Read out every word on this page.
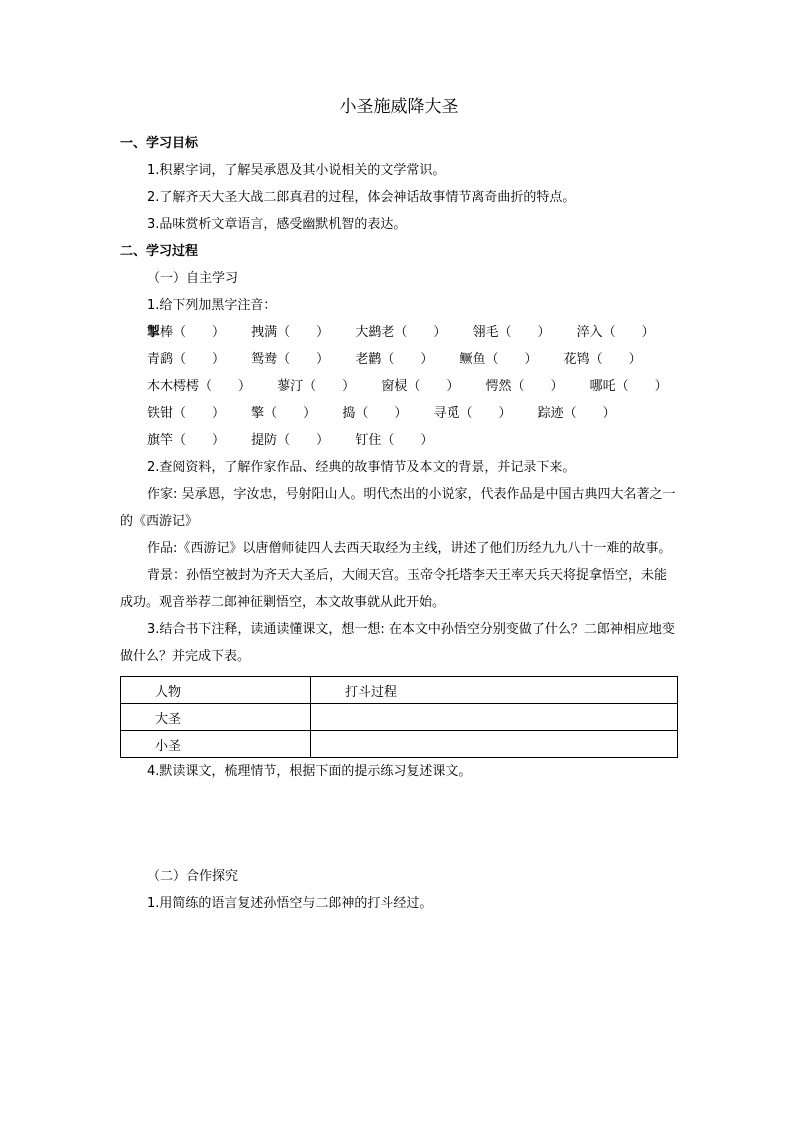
小圣施威降大圣
一、学习目标
1.积累字词，了解吴承恩及其小说相关的文学常识。
2.了解齐天大圣大战二郎真君的过程，体会神话故事情节离奇曲折的特点。
3.品味赏析文章语言，感受幽默机智的表达。
二、学习过程
（一）自主学习
1.给下列加黑字注音：
掣棒（　　） 拽满（　　） 大鹚老（　　） 翎毛（　　） 淬入（　　）
青鹞（　　） 鸳鸯（　　） 老鹳（　　） 鳜鱼（　　） 花鸨（　　）
木木樗樗（　　） 蓼汀（　　） 窗棂（　　） 愕然（　　） 哪吒（　　）
铁钳（　　） 擎（　　） 捣（　　） 寻觅（　　） 踪迹（　　）
旗竿（　　） 提防（　　） 钉住（　　）
2.查阅资料，了解作家作品、经典的故事情节及本文的背景，并记录下来。

作家: 吴承恩，字汝忠，号射阳山人。明代杰出的小说家，代表作品是中国古典四大名著之一的《西游记》

作品:《西游记》以唐僧师徒四人去西天取经为主线，讲述了他们历经九九八十一难的故事。

背景：孙悟空被封为齐天大圣后，大闹天宫。玉帝令托塔李天王率天兵天将捉拿悟空，未能成功。观音举荐二郎神征剿悟空，本文故事就从此开始。

3.结合书下注释，读通读懂课文，想一想: 在本文中孙悟空分别变做了什么？二郎神相应地变做什么？并完成下表。

人物	打斗过程
大圣	
小圣	
4.默读课文，梳理情节，根据下面的提示练习复述课文。
（二）合作探究
1.用简练的语言复述孙悟空与二郎神的打斗经过。
